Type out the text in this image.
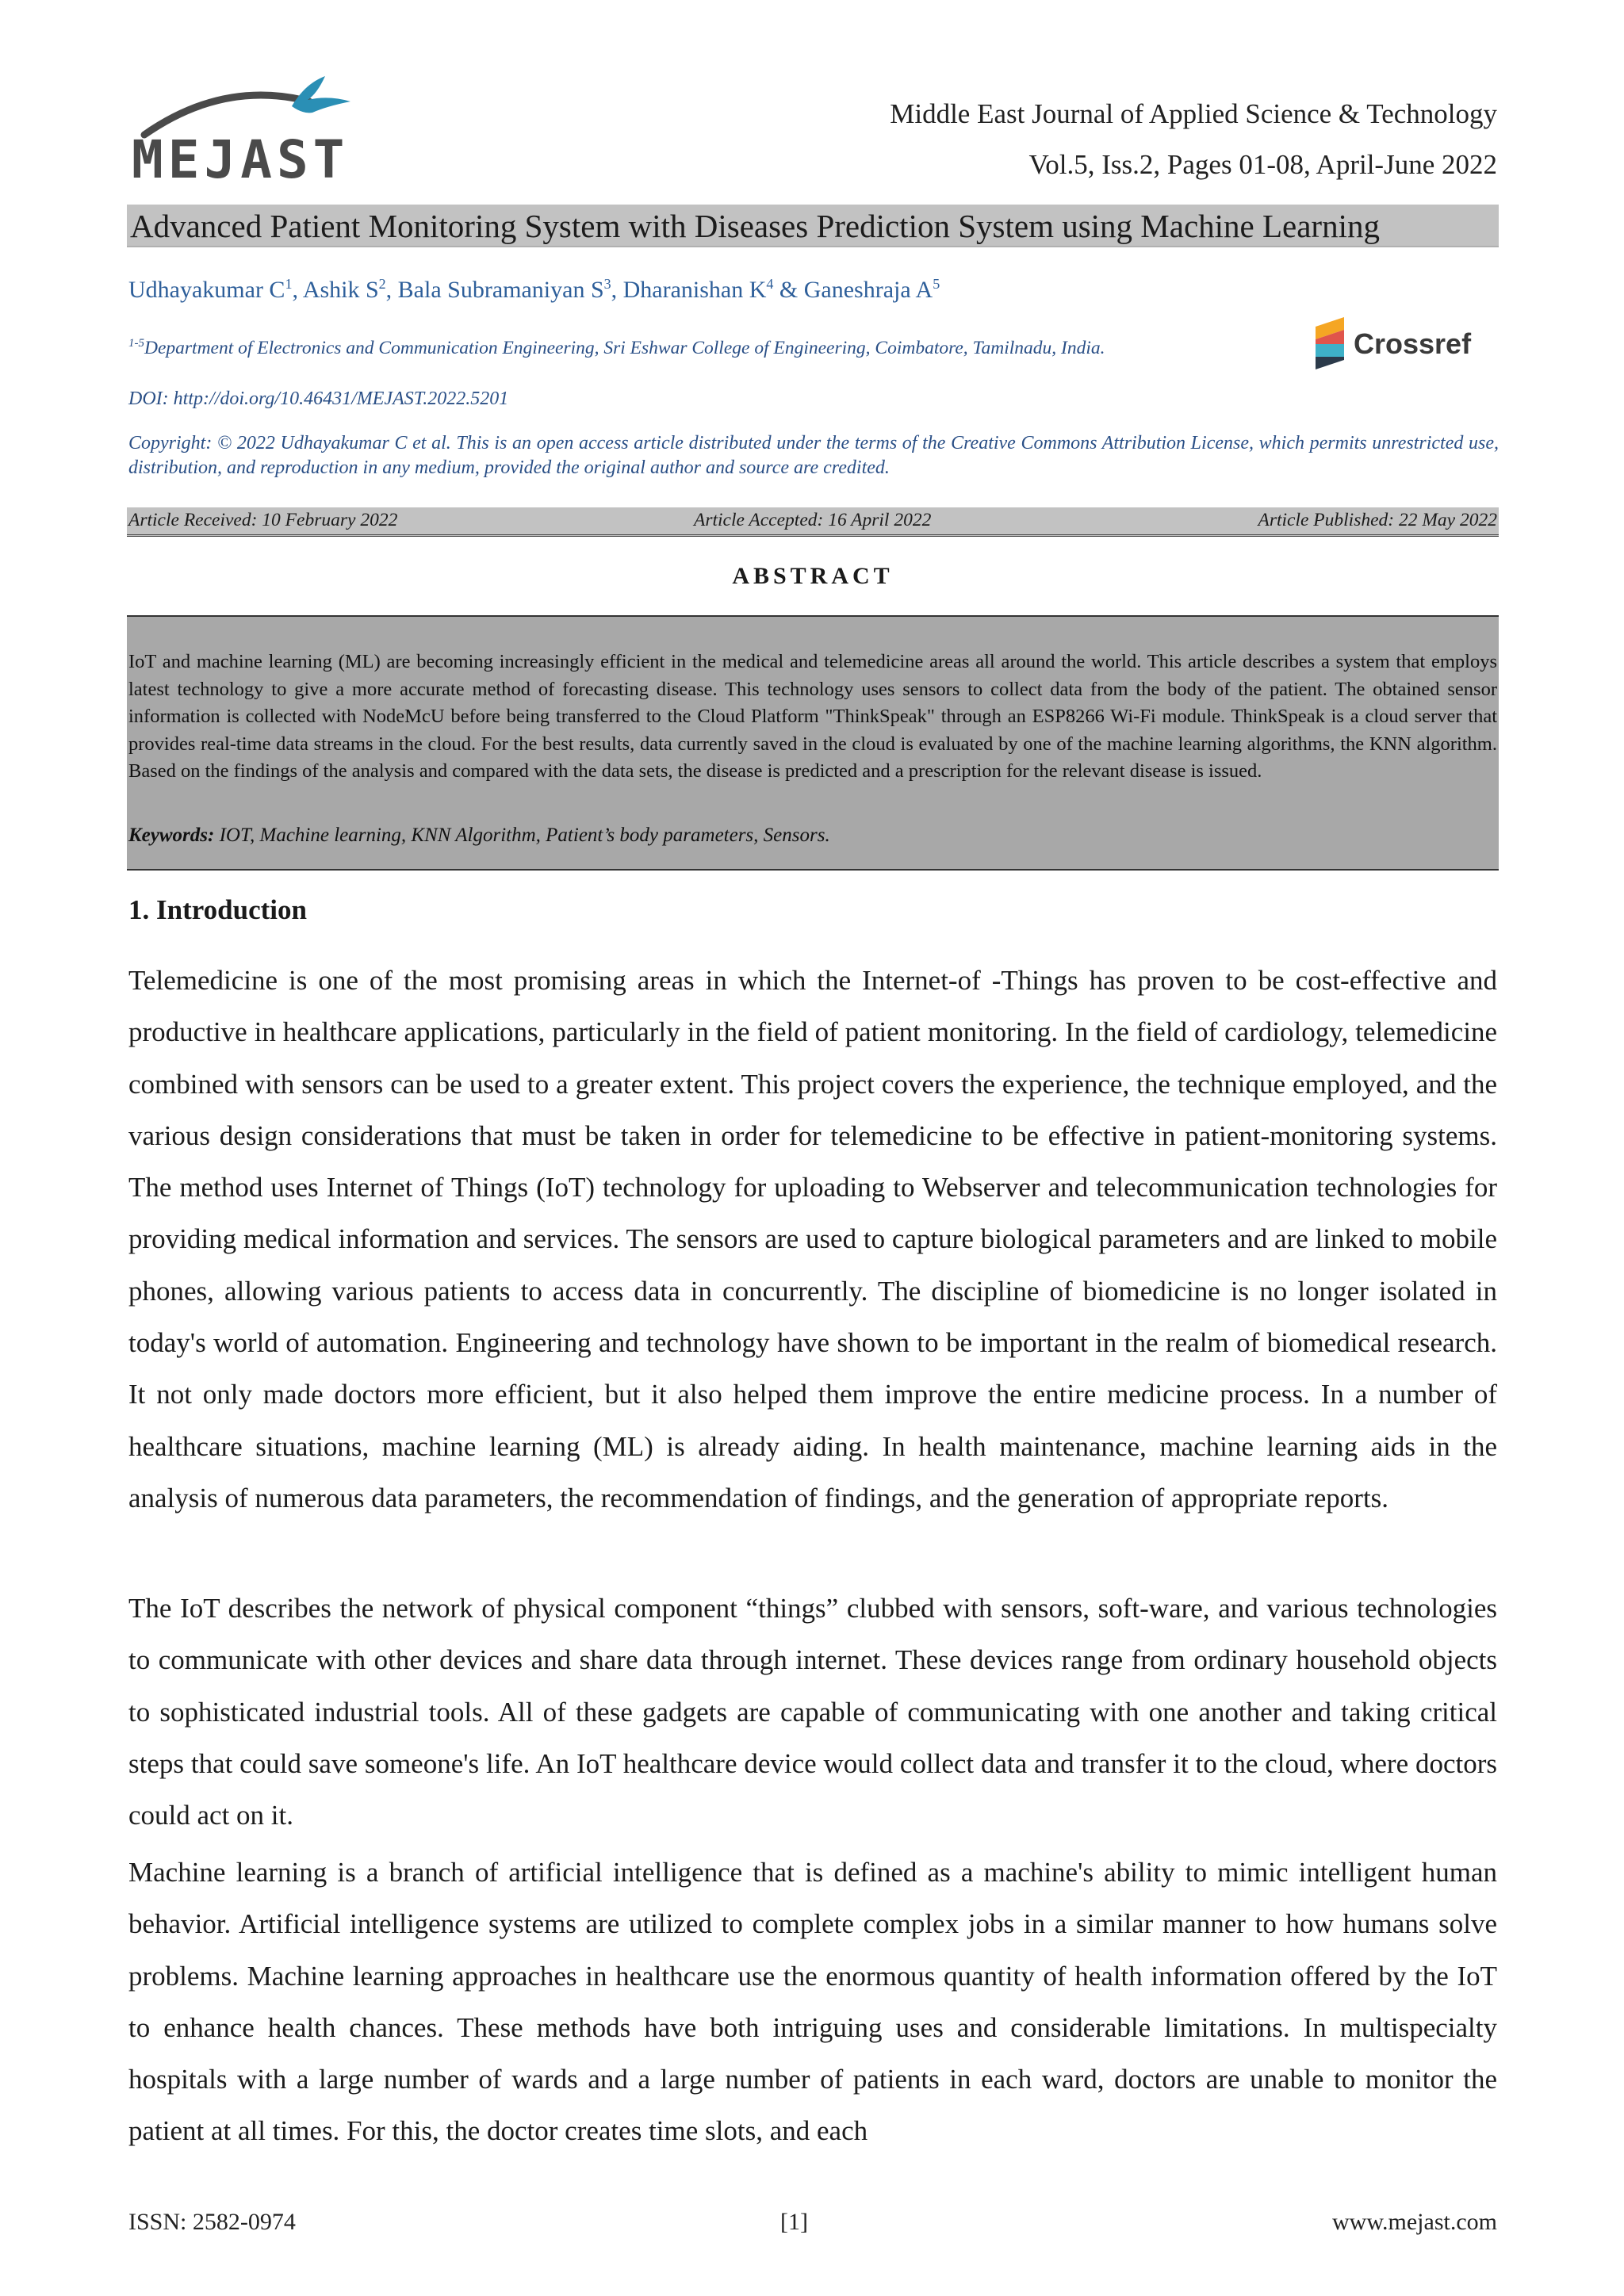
MEJAST
Middle East Journal of Applied Science & Technology
Vol.5, Iss.2, Pages 01-08, April-June 2022
Advanced Patient Monitoring System with Diseases Prediction System using Machine Learning
Udhayakumar $C^1$, Ashik $S^2$, Bala Subramaniyan $S^3$, Dharanishan $K^4$ & Ganeshraja $A^5$
$^{1-5}$Department of Electronics and Communication Engineering, Sri Eshwar College of Engineering, Coimbatore, Tamilnadu, India.	Crossref
DOI: http://doi.org/10.46431/MEJAST.2022.5201
Copyright: © 2022 Udhayakumar C et al. This is an open access article distributed under the terms of the Creative Commons Attribution License, which permits unrestricted use, distribution, and reproduction in any medium, provided the original author and source are credited.
Article Received: 10 February 2022	Article Accepted: 16 April 2022	Article Published: 22 May 2022
ABSTRACT
IoT and machine learning (ML) are becoming increasingly efficient in the medical and telemedicine areas all around the world. This article describes a system that employs latest technology to give a more accurate method of forecasting disease. This technology uses sensors to collect data from the body of the patient. The obtained sensor information is collected with NodeMcU before being transferred to the Cloud Platform "ThinkSpeak" through an ESP8266 Wi-Fi module. ThinkSpeak is a cloud server that provides real-time data streams in the cloud. For the best results, data currently saved in the cloud is evaluated by one of the machine learning algorithms, the KNN algorithm. Based on the findings of the analysis and compared with the data sets, the disease is predicted and a prescription for the relevant disease is issued.
Keywords: IOT, Machine learning, KNN Algorithm, Patient’s body parameters, Sensors.
1. Introduction

Telemedicine is one of the most promising areas in which the Internet-of -Things has proven to be cost-effective and productive in healthcare applications, particularly in the field of patient monitoring. In the field of cardiology, telemedicine combined with sensors can be used to a greater extent. This project covers the experience, the technique employed, and the various design considerations that must be taken in order for telemedicine to be effective in patient-monitoring systems. The method uses Internet of Things (IoT) technology for uploading to Webserver and telecommunication technologies for providing medical information and services. The sensors are used to capture biological parameters and are linked to mobile phones, allowing various patients to access data in concurrently. The discipline of biomedicine is no longer isolated in today's world of automation. Engineering and technology have shown to be important in the realm of biomedical research. It not only made doctors more efficient, but it also helped them improve the entire medicine process. In a number of healthcare situations, machine learning (ML) is already aiding. In health maintenance, machine learning aids in the analysis of numerous data parameters, the recommendation of findings, and the generation of appropriate reports.

The IoT describes the network of physical component “things” clubbed with sensors, soft-ware, and various technologies to communicate with other devices and share data through internet. These devices range from ordinary household objects to sophisticated industrial tools. All of these gadgets are capable of communicating with one another and taking critical steps that could save someone's life. An IoT healthcare device would collect data and transfer it to the cloud, where doctors could act on it.

Machine learning is a branch of artificial intelligence that is defined as a machine's ability to mimic intelligent human behavior. Artificial intelligence systems are utilized to complete complex jobs in a similar manner to how humans solve problems. Machine learning approaches in healthcare use the enormous quantity of health information offered by the IoT to enhance health chances. These methods have both intriguing uses and considerable limitations. In multispecialty hospitals with a large number of wards and a large number of patients in each ward, doctors are unable to monitor the patient at all times. For this, the doctor creates time slots, and each

ISSN: 2582-0974	[1]	www.mejast.com
